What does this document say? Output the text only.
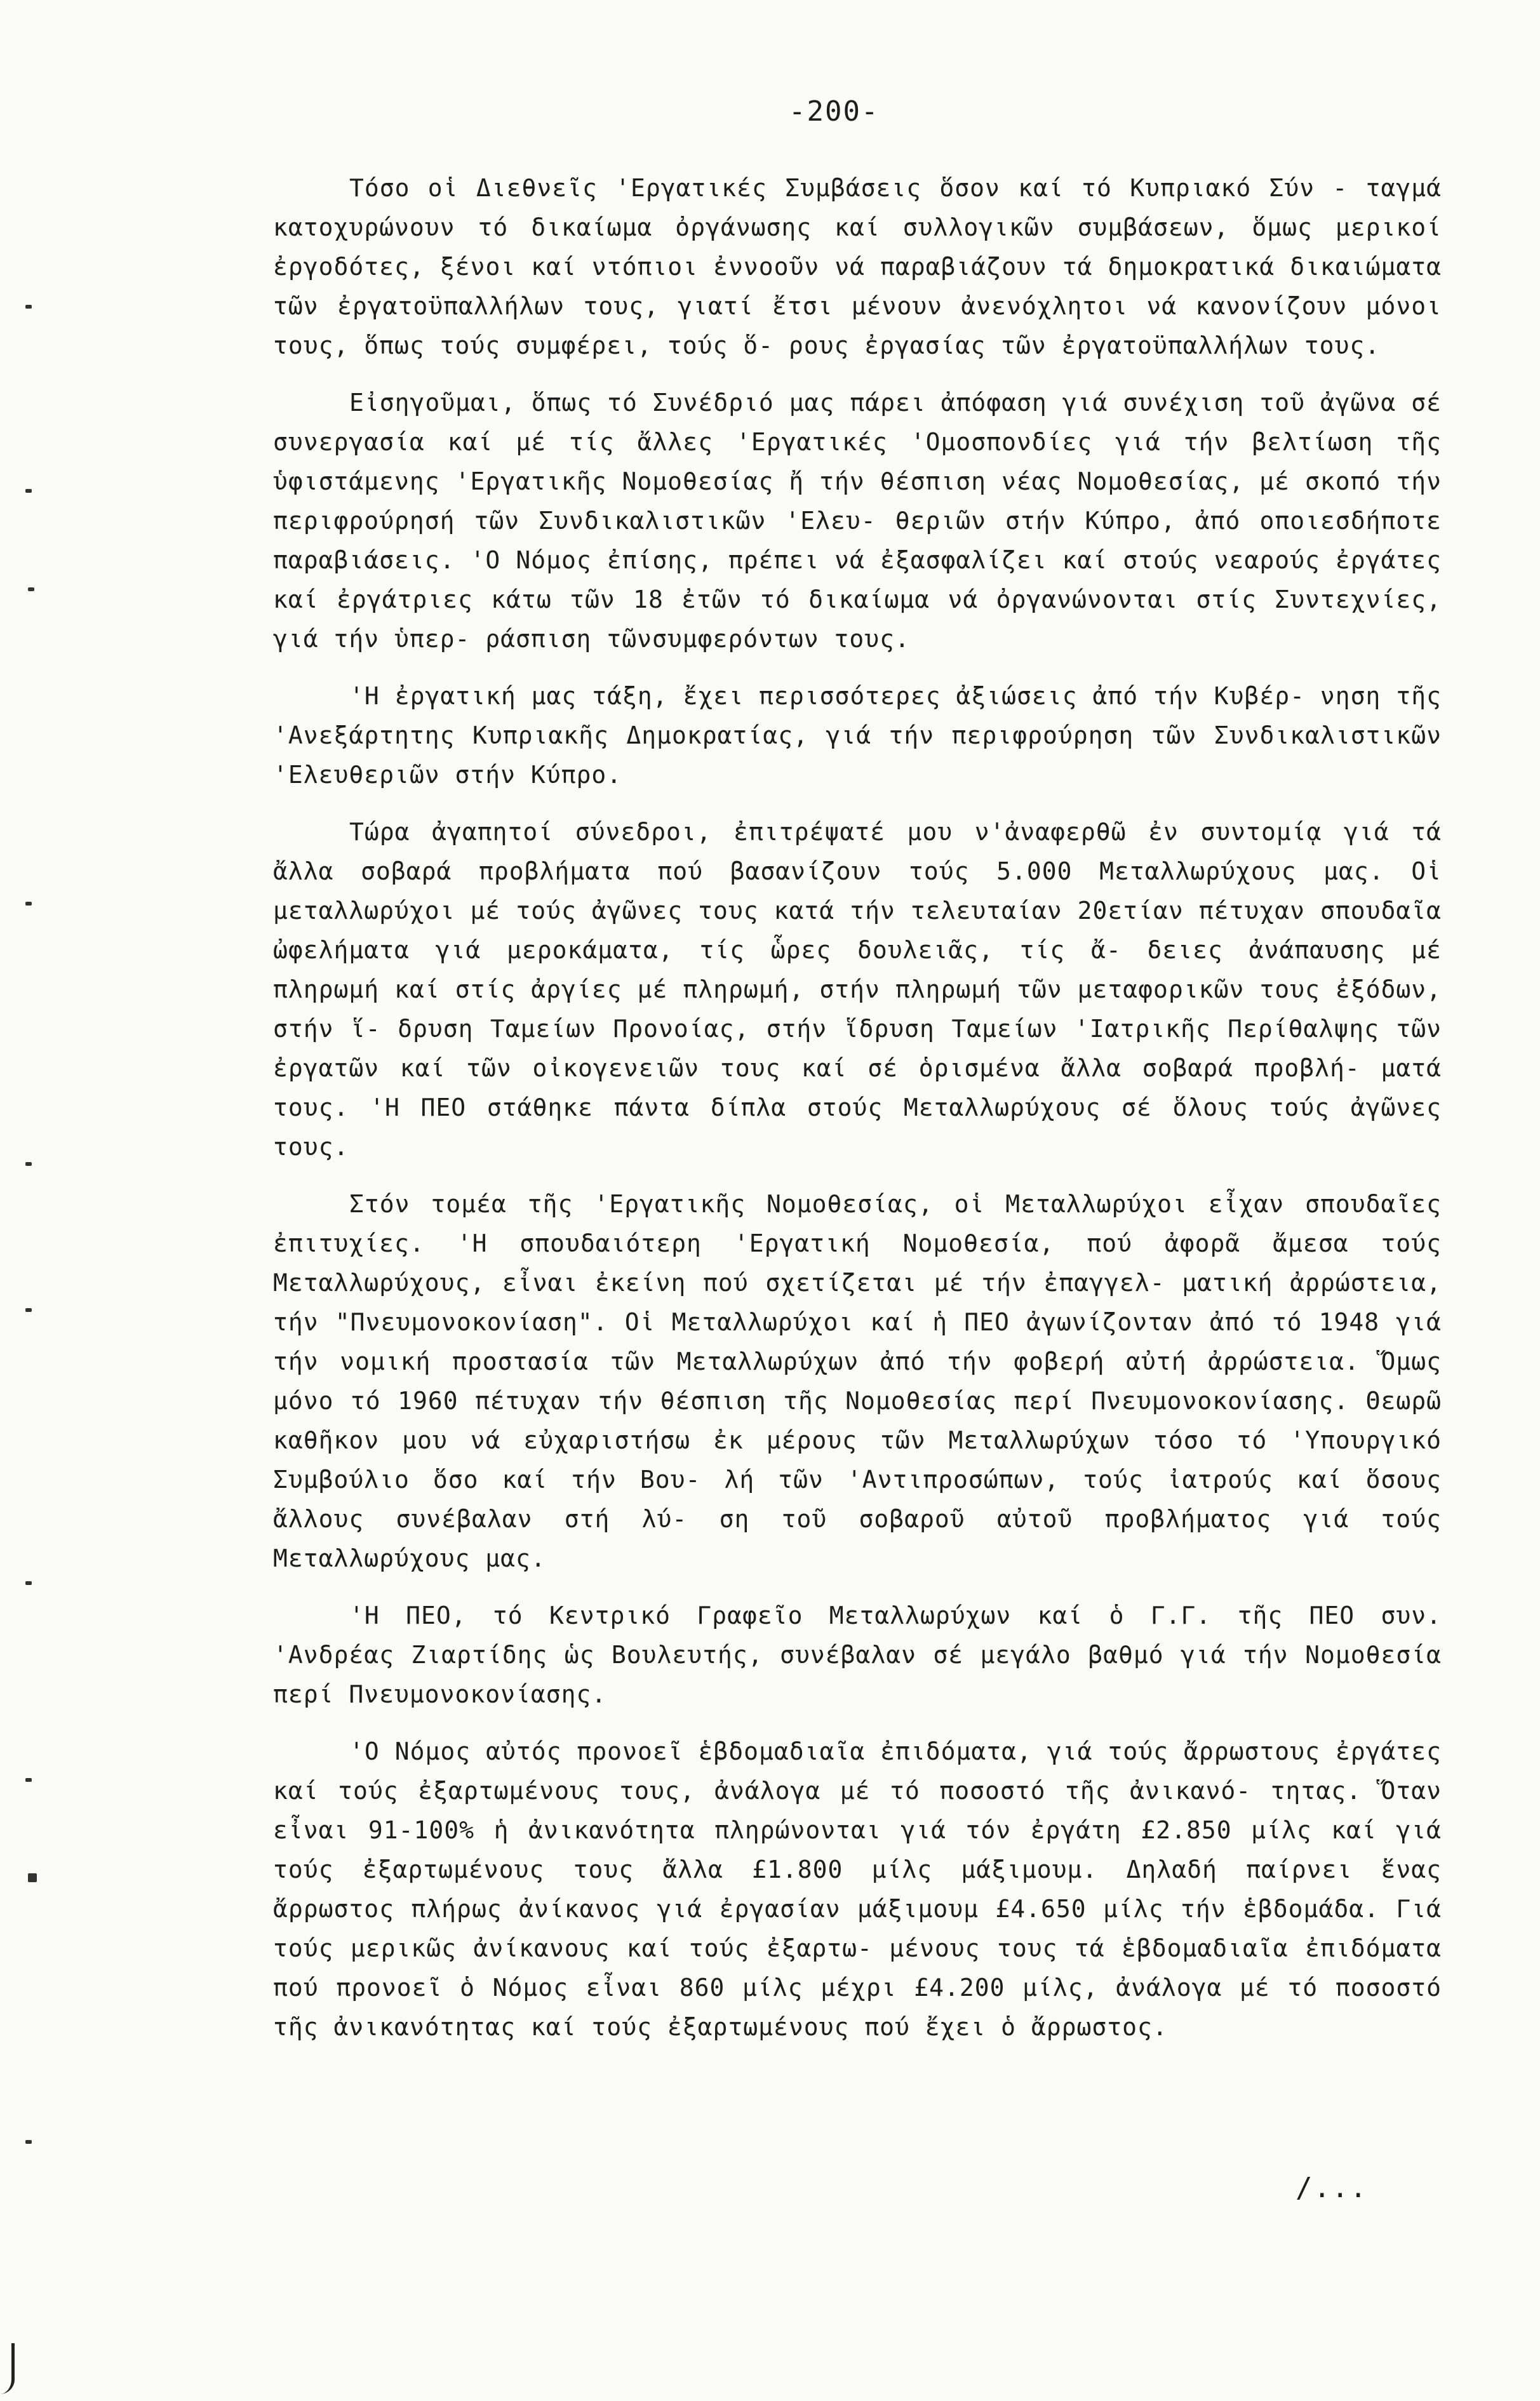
-200-

Τόσο οἱ Διεθνεῖς 'Εργατικές Συμβάσεις ὅσον καί τό Κυπριακό Σύν - ταγμά κατοχυρώνουν τό δικαίωμα ὀργάνωσης καί συλλογικῶν συμβάσεων, ὅμως μερικοί ἐργοδότες, ξένοι καί ντόπιοι ἐννοοῦν νά παραβιάζουν τά δημοκρατικά δικαιώματα τῶν ἐργατοϋπαλλήλων τους, γιατί ἔτσι μένουν ἀνενόχλητοι νά κανονίζουν μόνοι τους, ὅπως τούς συμφέρει, τούς ὅ- ρους ἐργασίας τῶν ἐργατοϋπαλλήλων τους.

Εἰσηγοῦμαι, ὅπως τό Συνέδριό μας πάρει ἀπόφαση γιά συνέχιση τοῦ ἀγῶνα σέ συνεργασία καί μέ τίς ἄλλες 'Εργατικές 'Ομοσπονδίες γιά τήν βελτίωση τῆς ὑφιστάμενης 'Εργατικῆς Νομοθεσίας ἤ τήν θέσπιση νέας Νομοθεσίας, μέ σκοπό τήν περιφρούρησή τῶν Συνδικαλιστικῶν 'Ελευ- θεριῶν στήν Κύπρο, ἀπό οποιεσδήποτε παραβιάσεις. 'Ο Νόμος ἐπίσης, πρέπει νά ἐξασφαλίζει καί στούς νεαρούς ἐργάτες καί ἐργάτριες κάτω τῶν 18 ἐτῶν τό δικαίωμα νά ὀργανώνονται στίς Συντεχνίες, γιά τήν ὑπερ- ράσπιση τῶνσυμφερόντων τους.

'Η ἐργατική μας τάξη, ἔχει περισσότερες ἀξιώσεις ἀπό τήν Κυβέρ- νηση τῆς 'Ανεξάρτητης Κυπριακῆς Δημοκρατίας, γιά τήν περιφρούρηση τῶν Συνδικαλιστικῶν 'Ελευθεριῶν στήν Κύπρο.

Τώρα ἀγαπητοί σύνεδροι, ἐπιτρέψατέ μου ν'ἀναφερθῶ ἐν συντομίᾳ γιά τά ἄλλα σοβαρά προβλήματα πού βασανίζουν τούς 5.000 Μεταλλωρύχους μας. Οἱ μεταλλωρύχοι μέ τούς ἀγῶνες τους κατά τήν τελευταίαν 20ετίαν πέτυχαν σπουδαῖα ὠφελήματα γιά μεροκάματα, τίς ὧρες δουλειᾶς, τίς ἄ- δειες ἀνάπαυσης μέ πληρωμή καί στίς ἀργίες μέ πληρωμή, στήν πληρωμή τῶν μεταφορικῶν τους ἐξόδων, στήν ἵ- δρυση Ταμείων Προνοίας, στήν ἵδρυση Ταμείων 'Ιατρικῆς Περίθαλψης τῶν ἐργατῶν καί τῶν οἰκογενειῶν τους καί σέ ὁρισμένα ἄλλα σοβαρά προβλή- ματά τους. 'Η ΠΕΟ στάθηκε πάντα δίπλα στούς Μεταλλωρύχους σέ ὅλους τούς ἀγῶνες τους.

Στόν τομέα τῆς 'Εργατικῆς Νομοθεσίας, οἱ Μεταλλωρύχοι εἶχαν σπουδαῖες ἐπιτυχίες. 'Η σπουδαιότερη 'Εργατική Νομοθεσία, πού ἀφορᾶ ἄμεσα τούς Μεταλλωρύχους, εἶναι ἐκείνη πού σχετίζεται μέ τήν ἐπαγγελ- ματική ἀρρώστεια, τήν "Πνευμονοκονίαση". Οἱ Μεταλλωρύχοι καί ἡ ΠΕΟ ἀγωνίζονταν ἀπό τό 1948 γιά τήν νομική προστασία τῶν Μεταλλωρύχων ἀπό τήν φοβερή αὐτή ἀρρώστεια. Ὅμως μόνο τό 1960 πέτυχαν τήν θέσπιση τῆς Νομοθεσίας περί Πνευμονοκονίασης. Θεωρῶ καθῆκον μου νά εὐχαριστήσω ἐκ μέρους τῶν Μεταλλωρύχων τόσο τό 'Υπουργικό Συμβούλιο ὅσο καί τήν Βου- λή τῶν 'Αντιπροσώπων, τούς ἰατρούς καί ὅσους ἄλλους συνέβαλαν στή λύ- ση τοῦ σοβαροῦ αὐτοῦ προβλήματος γιά τούς Μεταλλωρύχους μας.

'Η ΠΕΟ, τό Κεντρικό Γραφεῖο Μεταλλωρύχων καί ὁ Γ.Γ. τῆς ΠΕΟ συν. 'Ανδρέας Ζιαρτίδης ὡς Βουλευτής, συνέβαλαν σέ μεγάλο βαθμό γιά τήν Νομοθεσία περί Πνευμονοκονίασης.

'Ο Νόμος αὐτός προνοεῖ ἑβδομαδιαῖα ἐπιδόματα, γιά τούς ἄρρωστους ἐργάτες καί τούς ἐξαρτωμένους τους, ἀνάλογα μέ τό ποσοστό τῆς ἀνικανό- τητας. Ὅταν εἶναι 91-100% ἡ ἀνικανότητα πληρώνονται γιά τόν ἐργάτη £2.850 μίλς καί γιά τούς ἐξαρτωμένους τους ἄλλα £1.800 μίλς μάξιμουμ. Δηλαδή παίρνει ἕνας ἄρρωστος πλήρως ἀνίκανος γιά ἐργασίαν μάξιμουμ £4.650 μίλς τήν ἑβδομάδα. Γιά τούς μερικῶς ἀνίκανους καί τούς ἐξαρτω- μένους τους τά ἑβδομαδιαῖα ἐπιδόματα πού προνοεῖ ὁ Νόμος εἶναι 860 μίλς μέχρι £4.200 μίλς, ἀνάλογα μέ τό ποσοστό τῆς ἀνικανότητας καί τούς ἐξαρτωμένους πού ἔχει ὁ ἄρρωστος.

/...
